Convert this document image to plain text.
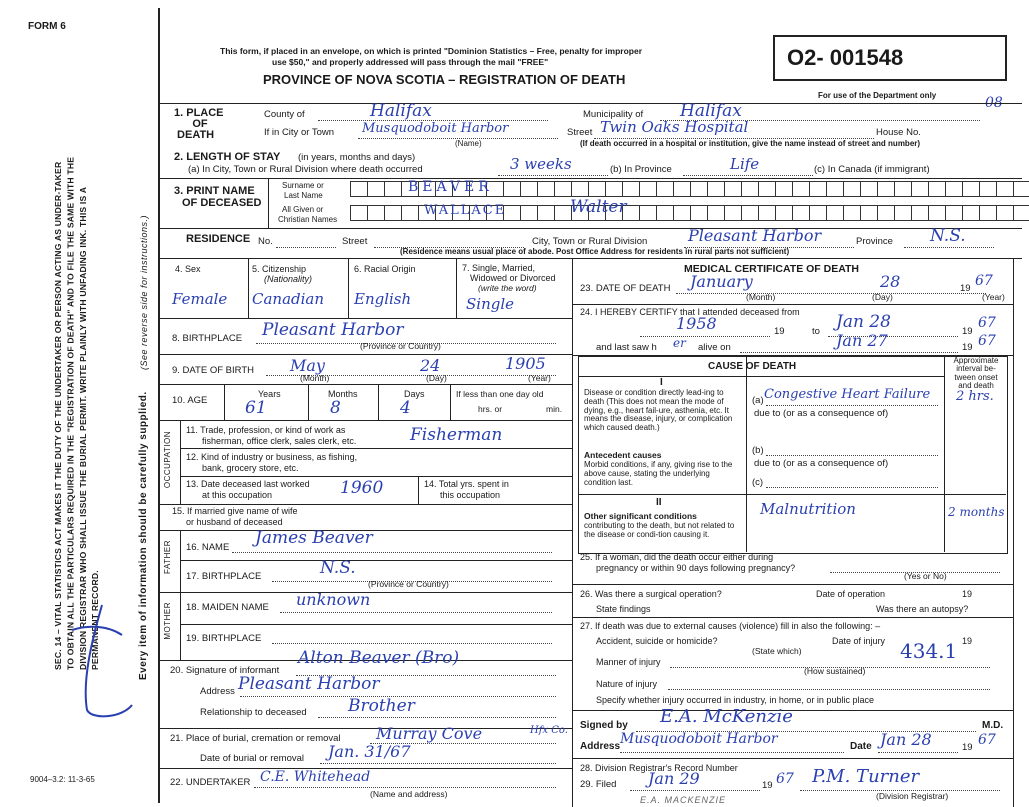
FORM 6
SEC. 14 – VITAL STATISTICS ACT MAKES IT THE DUTY OF THE UNDERTAKER OR PERSON ACTING AS UNDER-TAKER TO OBTAIN ALL THE PARTICULARS REQUIRED IN THE "REGISTRATION OF DEATH" AND TO FILE THE SAME WITH THE DIVISION REGISTRAR WHO SHALL ISSUE THE BURIAL PERMIT. WRITE PLAINLY WITH UNFADING INK. THIS IS A PERMANENT RECORD.
(See reverse side for instructions.)
Every item of information should be carefully supplied.
9004–3.2: 11-3-65
This form, if placed in an envelope, on which is printed "Dominion Statistics – Free, penalty for improper
use $50," and properly addressed will pass through the mail "FREE"
PROVINCE OF NOVA SCOTIA – REGISTRATION OF DEATH
O2- 001548
For use of the Department only	08
1. PLACE
OF
DEATH
County of	Halifax	Municipality of Halifax
If in City or Town Musquodoboit Harbor
(Name)
Street Twin Oaks Hospital	House No.
(If death occurred in a hospital or institution, give the name instead of street and number)
2. LENGTH OF STAY (in years, months and days)
(a) In City, Town or Rural Division where death occurred	3 weeks	(b) In Province	Life	(c) In Canada (if immigrant)
3. PRINT NAME
OF DECEASED
Surname or
Last Name
BEAVER
All Given or
Christian Names
WALLACE	Walter
RESIDENCE No.	Street	City, Town or Rural Division	Pleasant Harbor	Province N.S.
(Residence means usual place of abode. Post Office Address for residents in rural parts not sufficient)
4. Sex
Female
5. Citizenship
(Nationality)
Canadian
6. Racial Origin
English
7. Single, Married,
Widowed or Divorced
(write the word)
Single
8. BIRTHPLACE Pleasant Harbor
(Province or Country)
9. DATE OF BIRTH May	24	1905
(Month)	(Day)	(Year)
10. AGE
Years	Months	Days
61	8	4
If less than one day old
hrs. or	min.
OCCUPATION
11. Trade, profession, or kind of work as
fisherman, office clerk, sales clerk, etc.	Fisherman
12. Kind of industry or business, as fishing,
bank, grocery store, etc.
13. Date deceased last worked
at this occupation	1960	14. Total yrs. spent in
this occupation
15. If married give name of wife
or husband of deceased
FATHER 16. NAME James Beaver
17. BIRTHPLACE	N.S.
(Province or Country)
MOTHER 18. MAIDEN NAME unknown
19. BIRTHPLACE
20. Signature of informant
Alton Beaver (Bro)
Address Pleasant Harbor
Relationship to deceased Brother
21. Place of burial, cremation or removal Murray Cove	Hfx Co.
Date of burial or removal Jan. 31/67
22. UNDERTAKER C.E. Whitehead
(Name and address)
MEDICAL CERTIFICATE OF DEATH
23. DATE OF DEATH January	28	19 67
(Month)	(Day)	(Year)
24. I HEREBY CERTIFY that I attended deceased from
1958	19	to Jan 28	19
67
and last saw h er alive on	Jan 27	19 67
CAUSE OF DEATH
Approximate interval be-tween onset and death
I
Disease or condition directly lead-ing to death (This does not mean the mode of dying, e.g., heart fail-ure, asthenia, etc. It means the disease, injury, or complication which caused death.)
(a) Congestive Heart Failure 2 hrs.
due to (or as a consequence of)
Antecedent causes
Morbid conditions, if any, giving rise to the above cause, stating the underlying condition last.
(b)
due to (or as a consequence of)
(c)
II
Other significant conditions
contributing to the death, but not related to the disease or condi-tion causing it.
Malnutrition	2 months
25. If a woman, did the death occur either during
pregnancy or within 90 days following pregnancy?
(Yes or No)
26. Was there a surgical operation?	Date of operation	19
State findings	Was there an autopsy?
27. If death was due to external causes (violence) fill in also the following: –
Accident, suicide or homicide?	Date of injury	19
(State which)	434.1
Manner of injury
(How sustained)
Nature of injury
Specify whether injury occurred in industry, in home, or in public place
Signed by E.A. McKenzie	M.D.
Address Musquodoboit Harbor	Date Jan 28	19 67
28. Division Registrar's Record Number
29. Filed Jan 29	19 67 P.M. Turner
(Division Registrar)
E.A. MACKENZIE
